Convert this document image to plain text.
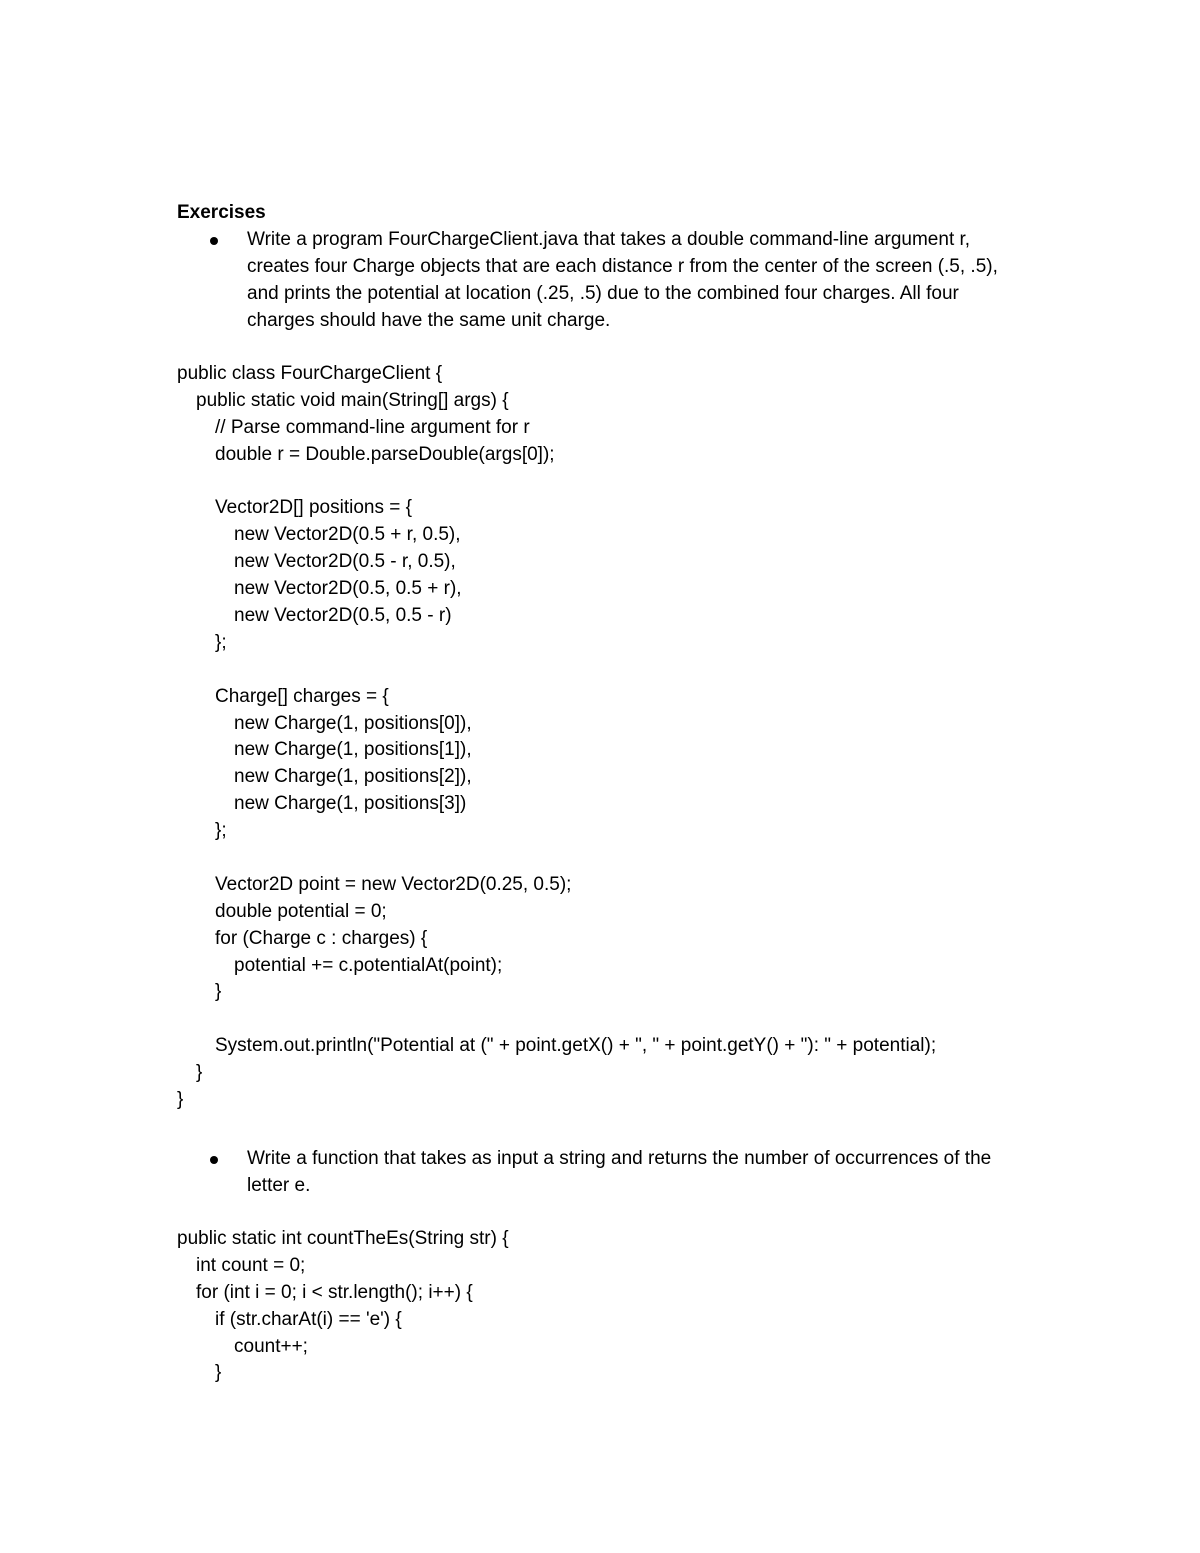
Exercises
Write a program FourChargeClient.java that takes a double command-line argument r, creates four Charge objects that are each distance r from the center of the screen (.5, .5), and prints the potential at location (.25, .5) due to the combined four charges. All four charges should have the same unit charge.
public class FourChargeClient {
public static void main(String[] args) {
// Parse command-line argument for r
double r = Double.parseDouble(args[0]);
Vector2D[] positions = {
new Vector2D(0.5 + r, 0.5),
new Vector2D(0.5 - r, 0.5),
new Vector2D(0.5, 0.5 + r),
new Vector2D(0.5, 0.5 - r)
};
Charge[] charges = {
new Charge(1, positions[0]),
new Charge(1, positions[1]),
new Charge(1, positions[2]),
new Charge(1, positions[3])
};
Vector2D point = new Vector2D(0.25, 0.5);
double potential = 0;
for (Charge c : charges) {
potential += c.potentialAt(point);
}
System.out.println("Potential at (" + point.getX() + ", " + point.getY() + "): " + potential);
}
}
Write a function that takes as input a string and returns the number of occurrences of the letter e.
public static int countTheEs(String str) {
int count = 0;
for (int i = 0; i < str.length(); i++) {
if (str.charAt(i) == 'e') {
count++;
}
